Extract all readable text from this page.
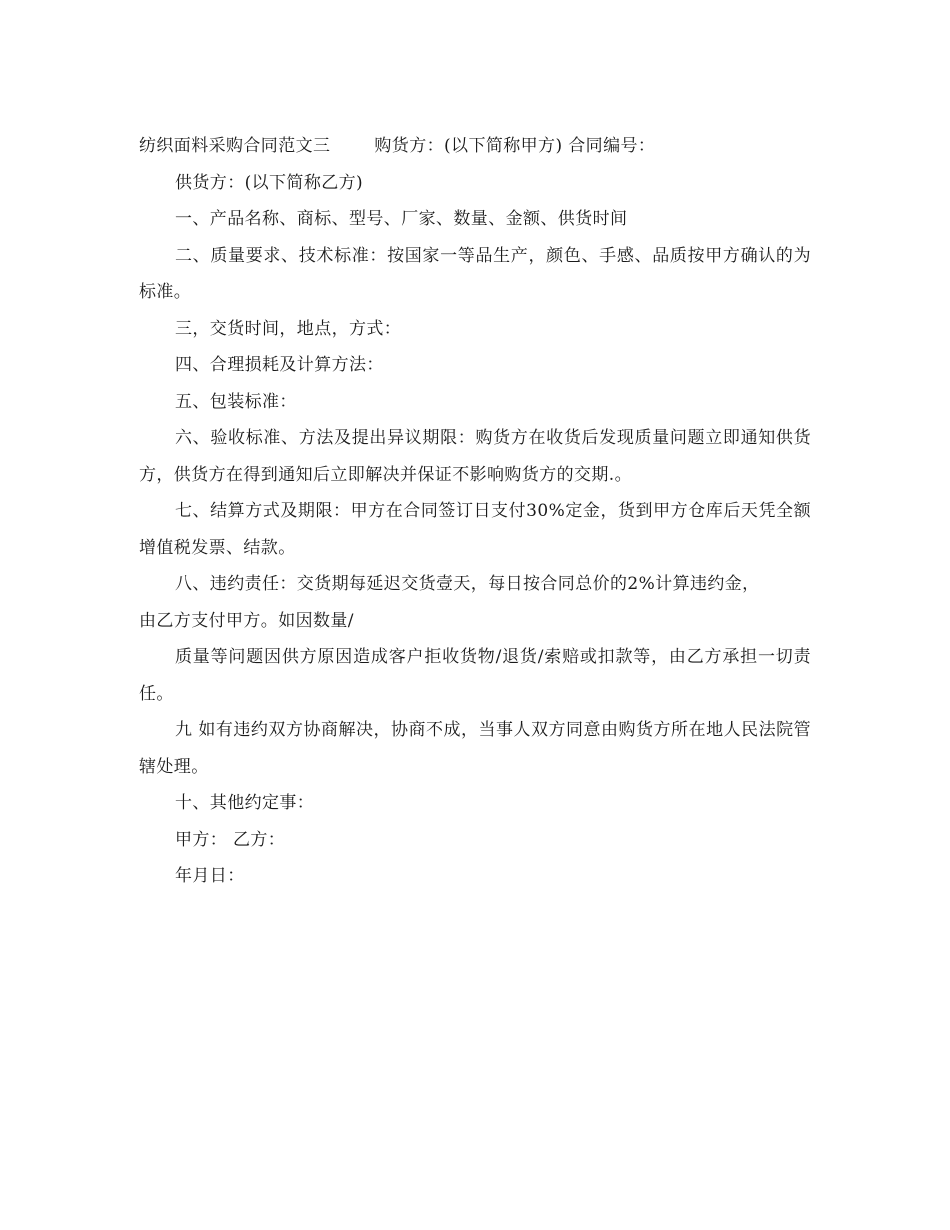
纺织面料采购合同范文三	购货方：(以下简称甲方) 合同编号：

供货方：(以下简称乙方)

一、产品名称、商标、型号、厂家、数量、金额、供货时间

二、质量要求、技术标准：按国家一等品生产，颜色、手感、品质按甲方确认的为标准。

三，交货时间，地点，方式：

四、合理损耗及计算方法：

五、包装标准：

六、验收标准、方法及提出异议期限：购货方在收货后发现质量问题立即通知供货方，供货方在得到通知后立即解决并保证不影响购货方的交期.。

七、结算方式及期限：甲方在合同签订日支付30%定金，货到甲方仓库后天凭全额增值税发票、结款。

八、违约责任：交货期每延迟交货壹天，每日按合同总价的2%计算违约金，

由乙方支付甲方。如因数量/

质量等问题因供方原因造成客户拒收货物/退货/索赔或扣款等，由乙方承担一切责任。

九 如有违约双方协商解决，协商不成，当事人双方同意由购货方所在地人民法院管辖处理。

十、其他约定事：

甲方： 乙方：

年月日：
